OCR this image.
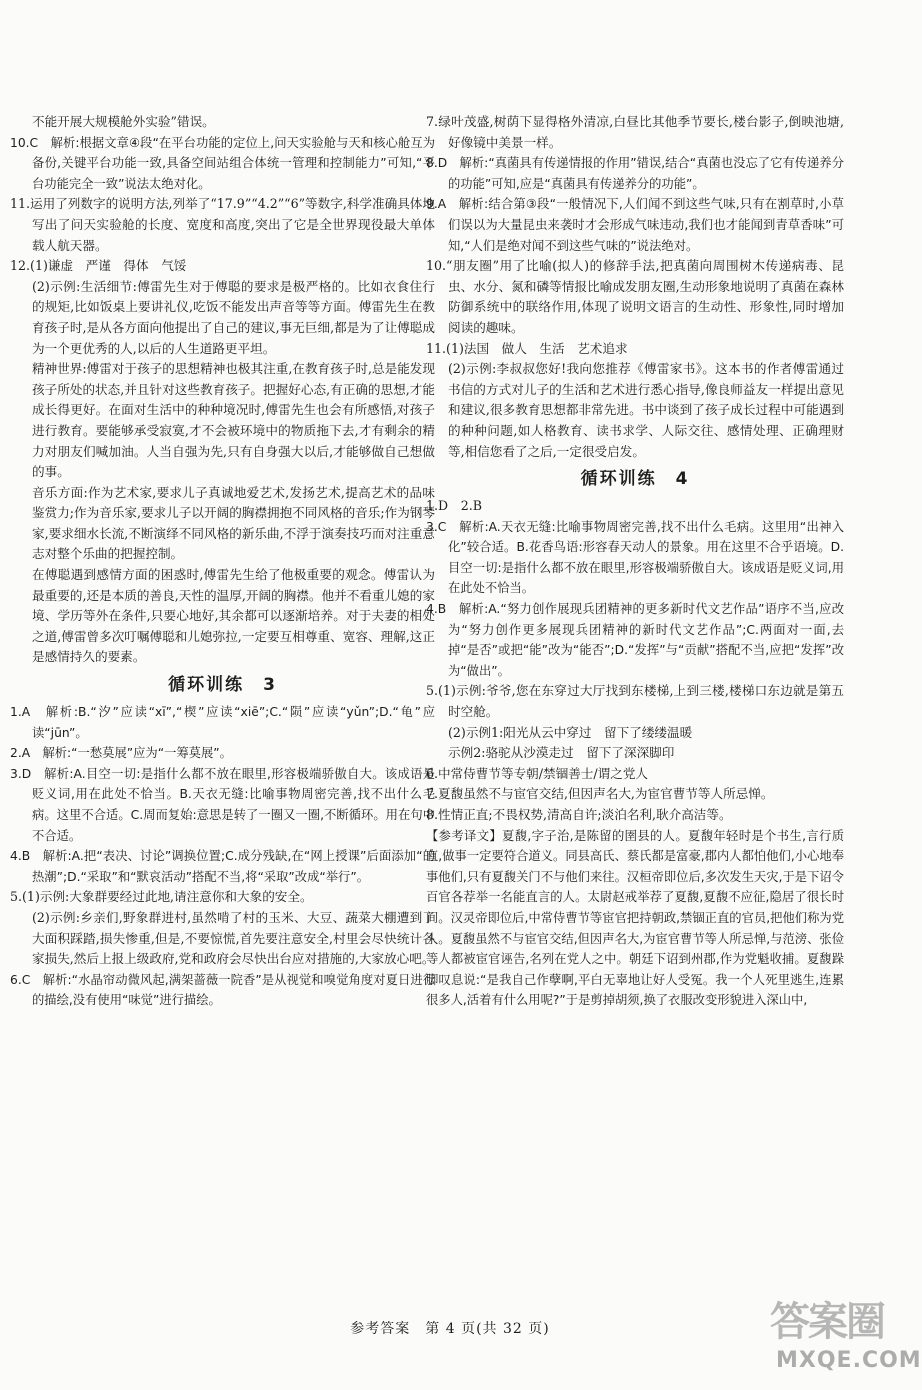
不能开展大规模舱外实验”错误。

10.C　解析:根据文章④段“在平台功能的定位上,问天实验舱与天和核心舱互为备份,关键平台功能一致,具备空间站组合体统一管理和控制能力”可知,“平台功能完全一致”说法太绝对化。

11.运用了列数字的说明方法,列举了“17.9”“4.2”“6”等数字,科学准确具体地写出了问天实验舱的长度、宽度和高度,突出了它是全世界现役最大单体载人航天器。

12.(1)谦虚　严谨　得体　气馁

(2)示例:生活细节:傅雷先生对于傅聪的要求是极严格的。比如衣食住行的规矩,比如饭桌上要讲礼仪,吃饭不能发出声音等等方面。傅雷先生在教育孩子时,是从各方面向他提出了自己的建议,事无巨细,都是为了让傅聪成为一个更优秀的人,以后的人生道路更平坦。

精神世界:傅雷对于孩子的思想精神也极其注重,在教育孩子时,总是能发现孩子所处的状态,并且针对这些教育孩子。把握好心态,有正确的思想,才能成长得更好。在面对生活中的种种境况时,傅雷先生也会有所感悟,对孩子进行教育。要能够承受寂寞,才不会被环境中的物质拖下去,才有剩余的精力对朋友们喊加油。人当自强为先,只有自身强大以后,才能够做自己想做的事。

音乐方面:作为艺术家,要求儿子真诚地爱艺术,发扬艺术,提高艺术的品味鉴赏力;作为音乐家,要求儿子以开阔的胸襟拥抱不同风格的音乐;作为钢琴家,要求细水长流,不断演绎不同风格的新乐曲,不浮于演奏技巧而对注重意志对整个乐曲的把握控制。

在傅聪遇到感情方面的困惑时,傅雷先生给了他极重要的观念。傅雷认为最重要的,还是本质的善良,天性的温厚,开阔的胸襟。他并不看重儿媳的家境、学历等外在条件,只要心地好,其余都可以逐渐培养。对于夫妻的相处之道,傅雷曾多次叮嘱傅聪和儿媳弥拉,一定要互相尊重、宽容、理解,这正是感情持久的要素。

循环训练　3

1.A　解析:B.“汐”应读“xī”,“楔”应读“xiē”;C.“陨”应读“yǔn”;D.“龟”应读“jūn”。

2.A　解析:“一愁莫展”应为“一筹莫展”。

3.D　解析:A.目空一切:是指什么都不放在眼里,形容极端骄傲自大。该成语是贬义词,用在此处不恰当。B.天衣无缝:比喻事物周密完善,找不出什么毛病。这里不合适。C.周而复始:意思是转了一圈又一圈,不断循环。用在句中不合适。

4.B　解析:A.把“表决、讨论”调换位置;C.成分残缺,在“网上授课”后面添加“的热潮”;D.“采取”和“默哀活动”搭配不当,将“采取”改成“举行”。

5.(1)示例:大象群要经过此地,请注意你和大象的安全。

(2)示例:乡亲们,野象群进村,虽然啃了村的玉米、大豆、蔬菜大棚遭到了大面积踩踏,损失惨重,但是,不要惊慌,首先要注意安全,村里会尽快统计各家损失,然后上报上级政府,党和政府会尽快出台应对措施的,大家放心吧。

6.C　解析:“水晶帘动微风起,满架蔷薇一院香”是从视觉和嗅觉角度对夏日进行的描绘,没有使用“味觉”进行描绘。

7.绿叶茂盛,树荫下显得格外清凉,白昼比其他季节要长,楼台影子,倒映池塘,好像镜中美景一样。

8.D　解析:“真菌具有传递情报的作用”错误,结合“真菌也没忘了它有传递养分的功能”可知,应是“真菌具有传递养分的功能”。

9.A　解析:结合第③段“一般情况下,人们闻不到这些气味,只有在割草时,小草们误以为大量昆虫来袭时才会形成气味违动,我们也才能闻到青草香味”可知,“人们是绝对闻不到这些气味的”说法绝对。

10.“朋友圈”用了比喻(拟人)的修辞手法,把真菌向周围树木传递病毒、昆虫、水分、氮和磷等情报比喻成发朋友圈,生动形象地说明了真菌在森林防御系统中的联络作用,体现了说明文语言的生动性、形象性,同时增加阅读的趣味。

11.(1)法国　做人　生活　艺术追求

(2)示例:李叔叔您好!我向您推荐《傅雷家书》。这本书的作者傅雷通过书信的方式对儿子的生活和艺术进行悉心指导,像良师益友一样提出意见和建议,很多教育思想都非常先进。书中谈到了孩子成长过程中可能遇到的种种问题,如人格教育、读书求学、人际交往、感情处理、正确理财等,相信您看了之后,一定很受启发。

循环训练　4

1.D　2.B

3.C　解析:A.天衣无缝:比喻事物周密完善,找不出什么毛病。这里用“出神入化”较合适。B.花香鸟语:形容春天动人的景象。用在这里不合乎语境。D.目空一切:是指什么都不放在眼里,形容极端骄傲自大。该成语是贬义词,用在此处不恰当。

4.B　解析:A.“努力创作展现兵团精神的更多新时代文艺作品”语序不当,应改为“努力创作更多展现兵团精神的新时代文艺作品”;C.两面对一面,去掉“是否”或把“能”改为“能否”;D.“发挥”与“贡献”搭配不当,应把“发挥”改为“做出”。

5.(1)示例:爷爷,您在东穿过大厅找到东楼梯,上到三楼,楼梯口东边就是第五时空舱。

(2)示例1:阳光从云中穿过　留下了缕缕温暖

示例2:骆驼从沙漠走过　留下了深深脚印

6.中常侍曹节等专朝/禁锢善士/谓之党人

7.夏馥虽然不与宦官交结,但因声名大,为宦官曹节等人所忌惮。

8.性情正直;不畏权势,清高自许;淡泊名利,耿介高洁等。

【参考译文】夏馥,字子治,是陈留的圉县的人。夏馥年轻时是个书生,言行质直,做事一定要符合道义。同县高氏、蔡氏都是富豪,郡内人都怕他们,小心地奉事他们,只有夏馥关门不与他们来往。汉桓帝即位后,多次发生天灾,于是下诏令百官各荐举一名能直言的人。太尉赵戒举荐了夏馥,夏馥不应征,隐居了很长时间。汉灵帝即位后,中常侍曹节等宦官把持朝政,禁锢正直的官员,把他们称为党人。夏馥虽然不与宦官交结,但因声名大,为宦官曹节等人所忌惮,与范滂、张俭等人都被宦官诬告,名列在党人之中。朝廷下诏到州郡,作为党魁收捕。夏馥跺脚叹息说:“是我自己作孽啊,平白无辜地让好人受冤。我一个人死里逃生,连累很多人,活着有什么用呢?”于是剪掉胡须,换了衣服改变形貌进入深山中,

参考答案　第 4 页(共 32 页)	答案圈
MXQE.COM
